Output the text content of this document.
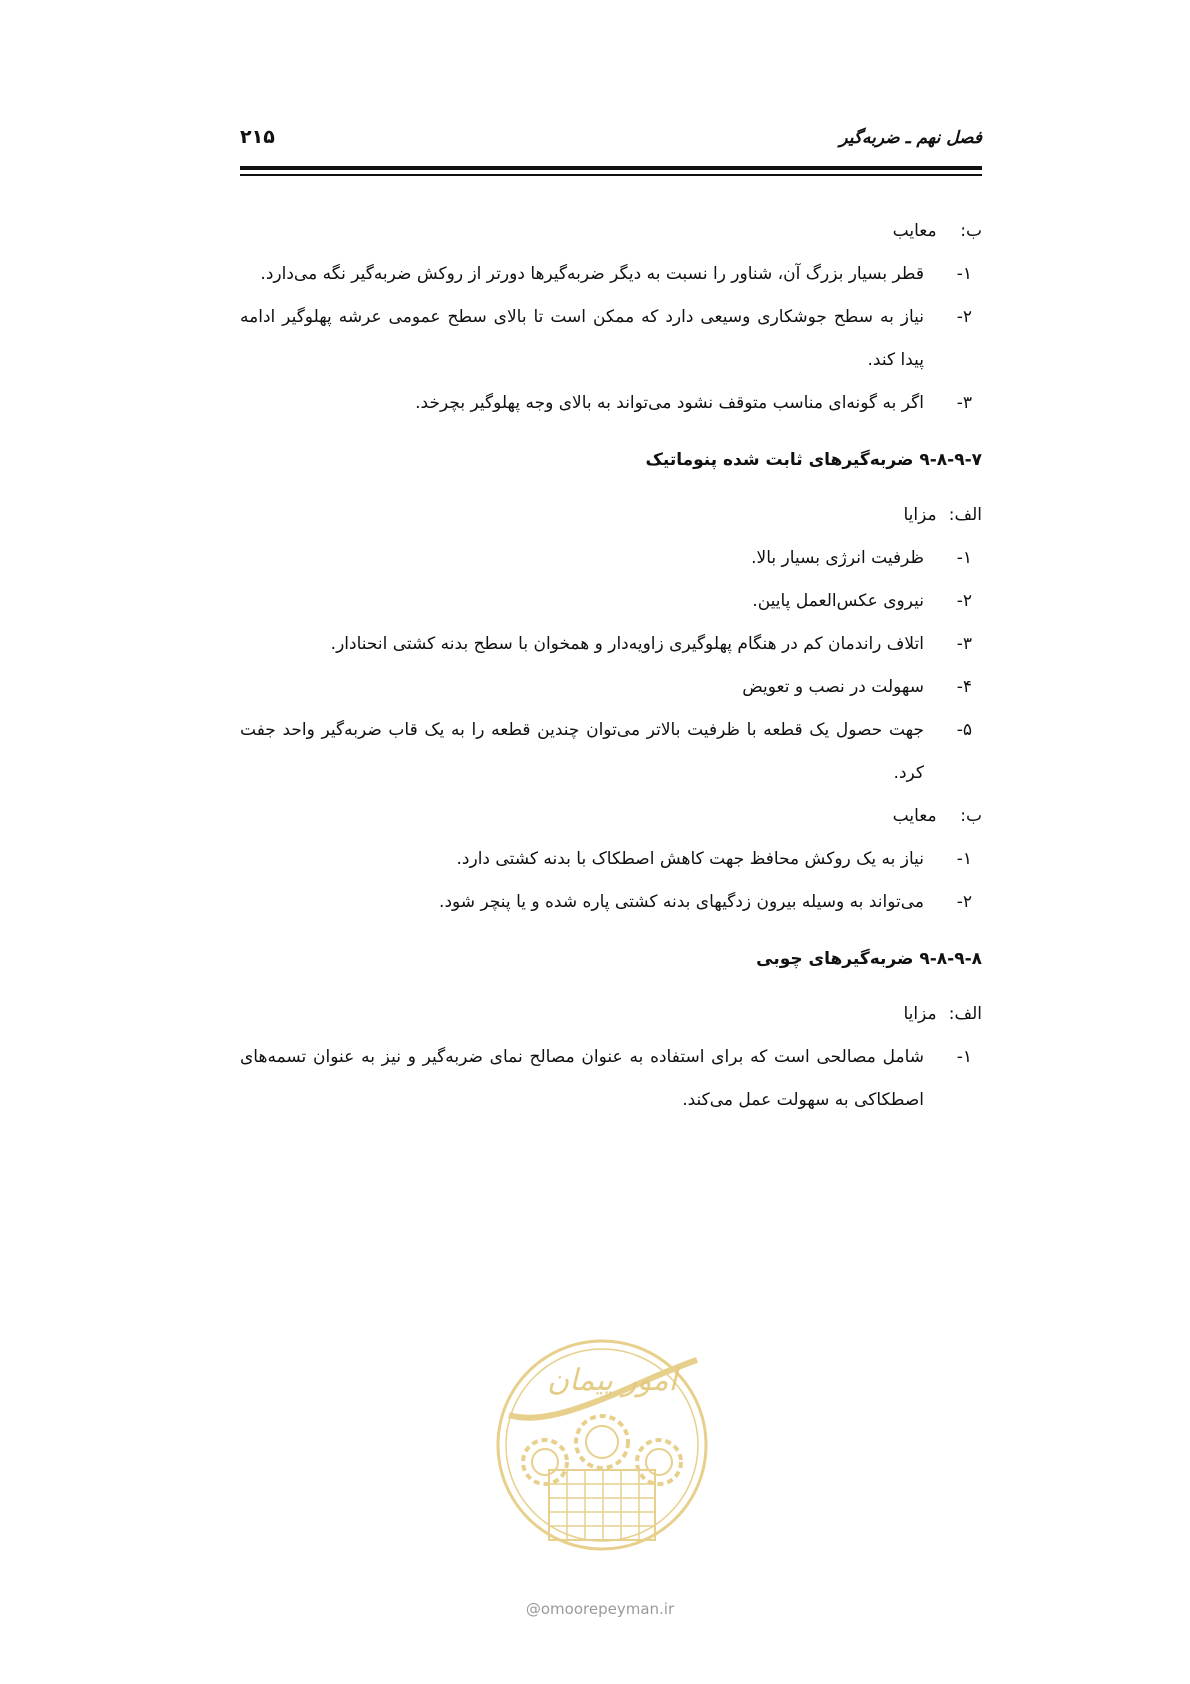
فصل نهم ـ ضربه‌گیر
۲۱۵
ب: معایب
۱-
قطر بسیار بزرگ آن، شناور را نسبت به دیگر ضربه‌گیرها دورتر از روکش ضربه‌گیر نگه می‌دارد.
۲-
نیاز به سطح جوشکاری وسیعی دارد که ممکن است تا بالای سطح عمومی عرشه پهلوگیر ادامه پیدا کند.
۳-
اگر به گونه‌ای مناسب متوقف نشود می‌تواند به بالای وجه پهلوگیر بچرخد.
۹-۸-۹-۷ ضربه‌گیرهای ثابت شده پنوماتیک
الف: مزایا
۱-
ظرفیت انرژی بسیار بالا.
۲-
نیروی عکس‌العمل پایین.
۳-
اتلاف راندمان کم در هنگام پهلوگیری زاویه‌دار و همخوان با سطح بدنه کشتی انحنادار.
۴-
سهولت در نصب و تعویض
۵-
جهت حصول یک قطعه با ظرفیت بالاتر می‌توان چندین قطعه را به یک قاب ضربه‌گیر واحد جفت کرد.
ب: معایب
۱-
نیاز به یک روکش محافظ جهت کاهش اصطکاک با بدنه کشتی دارد.
۲-
می‌تواند به وسیله بیرون زدگیهای بدنه کشتی پاره شده و یا پنچر شود.
۹-۸-۹-۸ ضربه‌گیرهای چوبی
الف: مزایا
۱-
شامل مصالحی است که برای استفاده به عنوان مصالح نمای ضربه‌گیر و نیز به عنوان تسمه‌های اصطکاکی به سهولت عمل می‌کند.
امور پیمان
@omoorepeyman.ir
